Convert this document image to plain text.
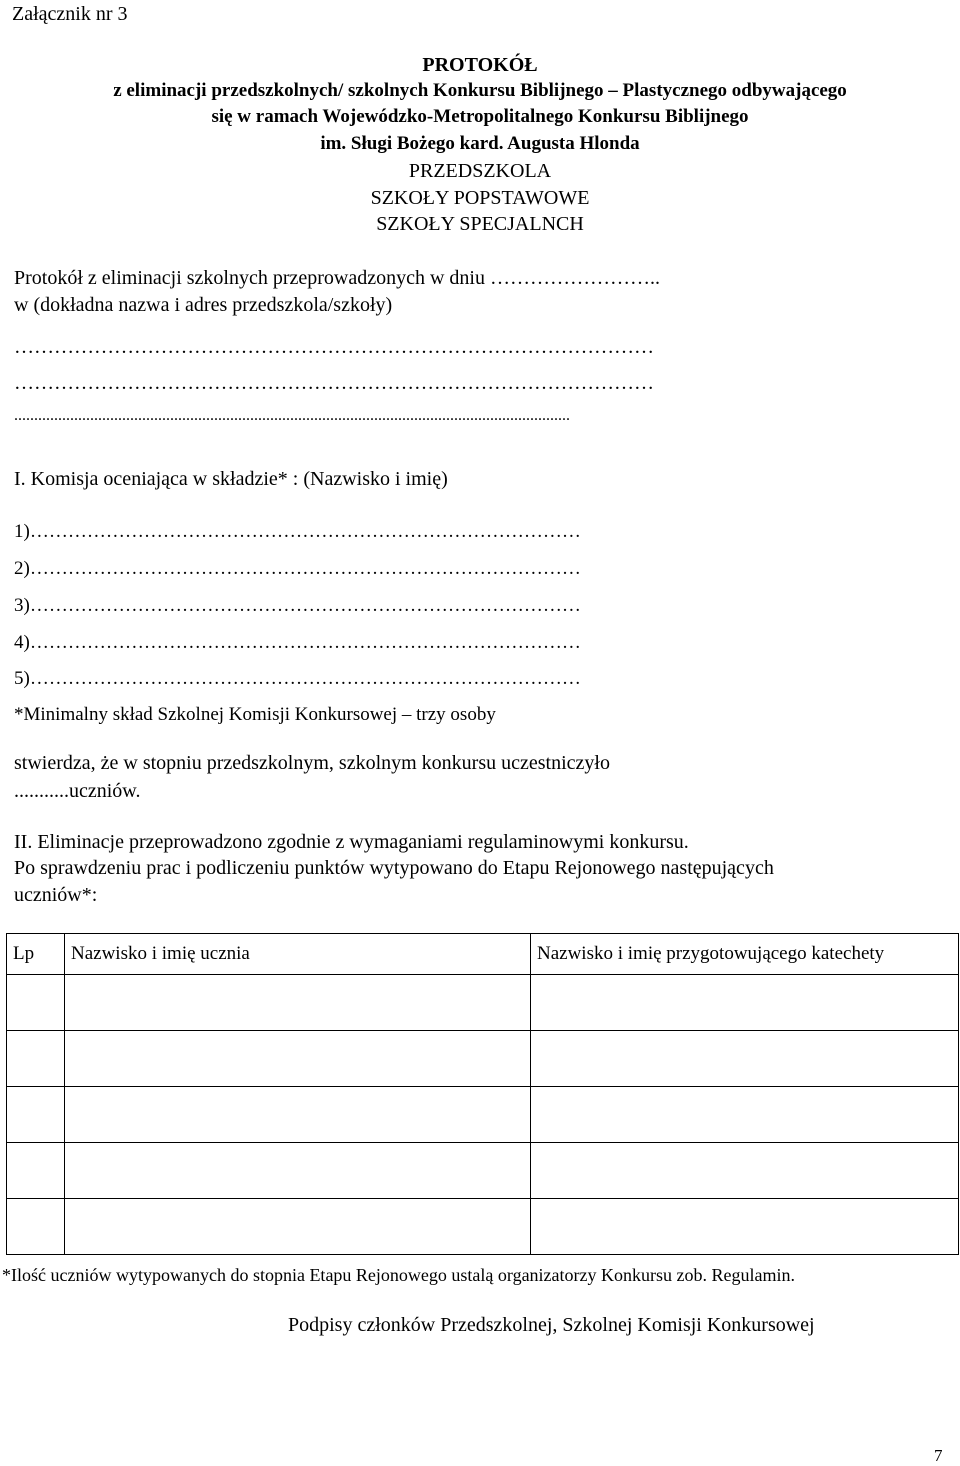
Załącznik nr 3
PROTOKÓŁ
z eliminacji przedszkolnych/ szkolnych Konkursu Biblijnego – Plastycznego odbywającego
się w ramach Wojewódzko-Metropolitalnego Konkursu Biblijnego
im. Sługi Bożego kard. Augusta Hlonda
PRZEDSZKOLA
SZKOŁY POPSTAWOWE
SZKOŁY SPECJALNCH
Protokół z eliminacji szkolnych przeprowadzonych w dniu ……………………..
w (dokładna nazwa i adres przedszkola/szkoły)
……………………………………………………………………………………
……………………………………………………………………………………
...........................................................................................................................................
I. Komisja oceniająca w składzie* : (Nazwisko i imię)
1)……………………………………………………………………………
2)……………………………………………………………………………
3)……………………………………………………………………………
4)……………………………………………………………………………
5)……………………………………………………………………………
*Minimalny skład Szkolnej Komisji Konkursowej – trzy osoby
stwierdza, że w stopniu przedszkolnym, szkolnym konkursu uczestniczyło
...........uczniów.
II. Eliminacje przeprowadzono zgodnie z wymaganiami regulaminowymi konkursu.
Po sprawdzeniu prac i podliczeniu punktów wytypowano do Etapu Rejonowego następujących
uczniów*:
Lp	Nazwisko i imię ucznia	Nazwisko i imię przygotowującego katechety

*Ilość uczniów wytypowanych do stopnia Etapu Rejonowego ustalą organizatorzy Konkursu zob. Regulamin.
Podpisy członków Przedszkolnej, Szkolnej Komisji Konkursowej
7
